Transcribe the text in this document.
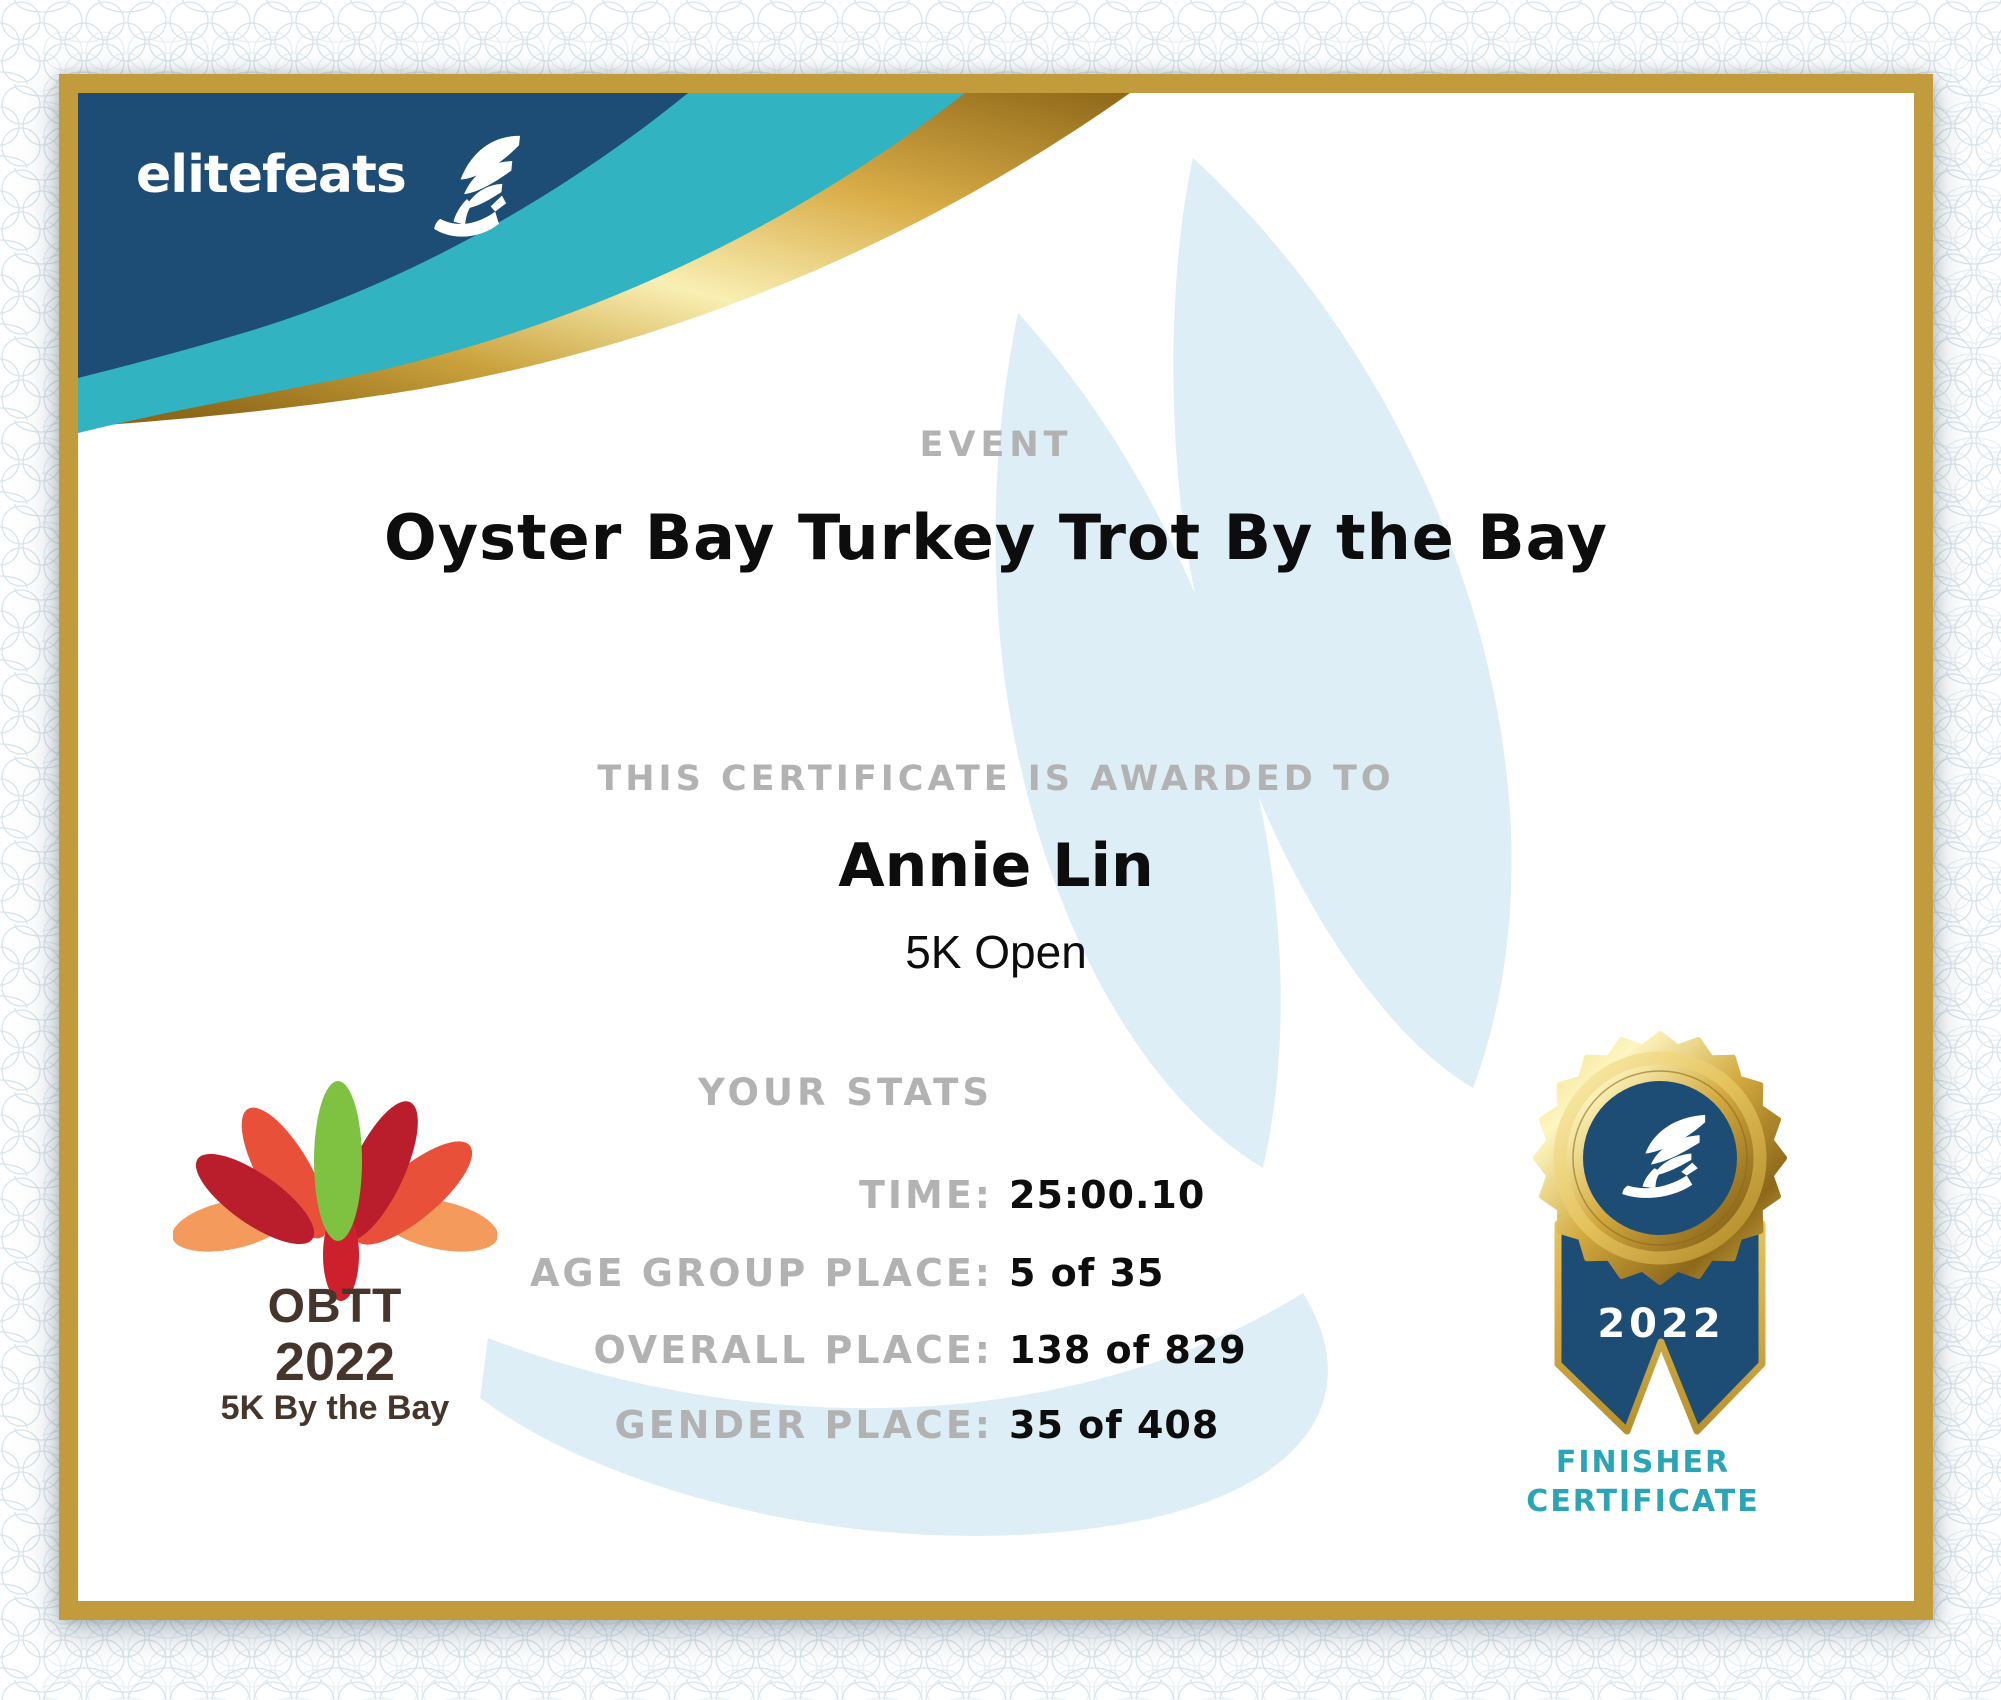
elitefeats
EVENT
Oyster Bay Turkey Trot By the Bay
THIS CERTIFICATE IS AWARDED TO
Annie Lin
5K Open
YOUR STATS
TIME: 25:00.10
AGE GROUP PLACE: 5 of 35
OVERALL PLACE: 138 of 829
GENDER PLACE: 35 of 408
OBTT
2022
5K By the Bay
2022
FINISHER
CERTIFICATE
